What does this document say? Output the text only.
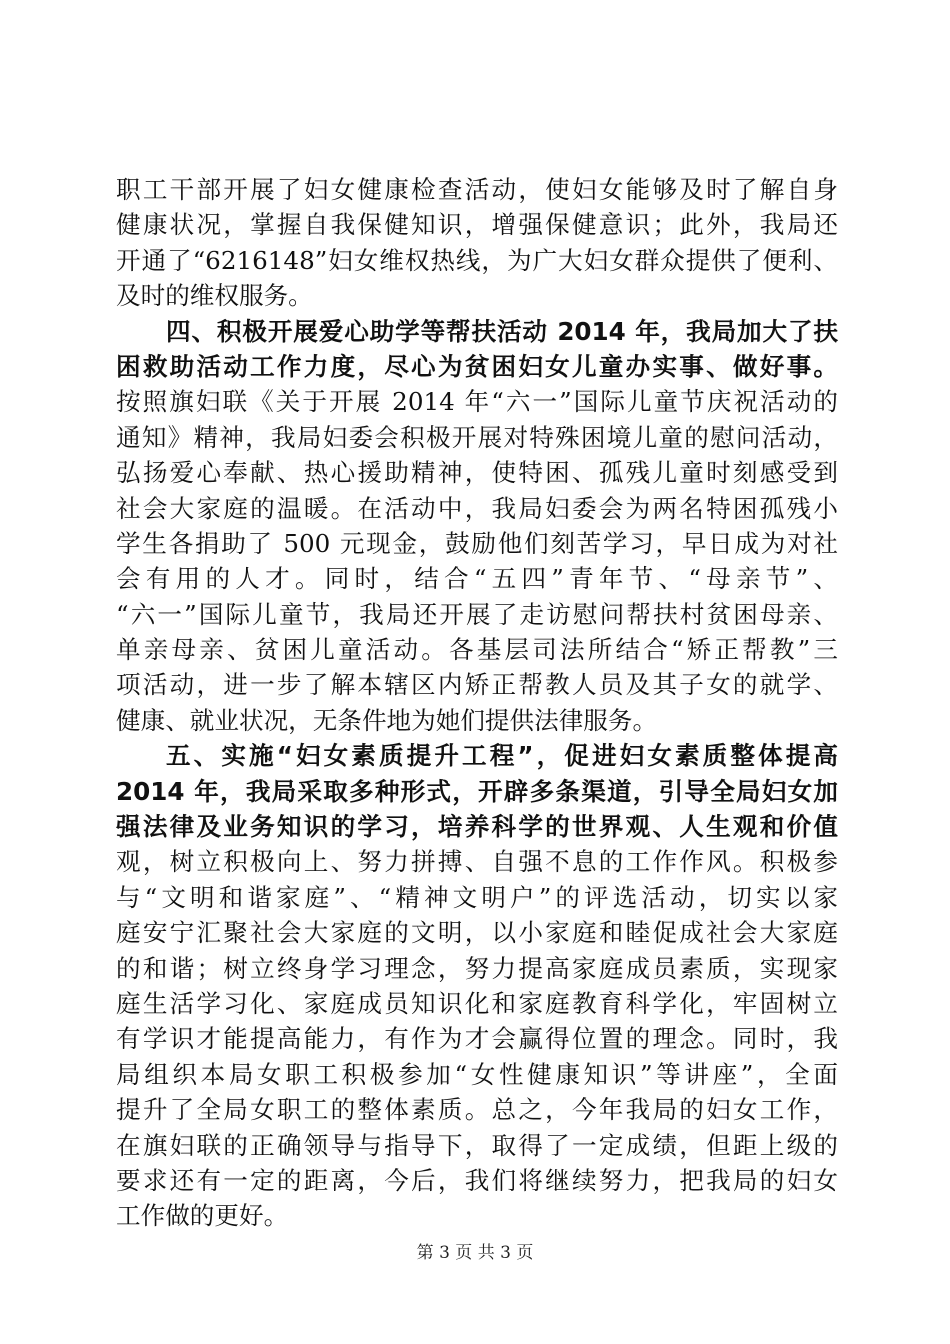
职工干部开展了妇女健康检查活动，使妇女能够及时了解自身
健康状况，掌握自我保健知识，增强保健意识；此外，我局还
开通了“6216148”妇女维权热线，为广大妇女群众提供了便利、
及时的维权服务。
四、积极开展爱心助学等帮扶活动 2014 年，我局加大了扶
困救助活动工作力度，尽心为贫困妇女儿童办实事、做好事。
按照旗妇联《关于开展 2014 年“六一”国际儿童节庆祝活动的
通知》精神，我局妇委会积极开展对特殊困境儿童的慰问活动，
弘扬爱心奉献、热心援助精神，使特困、孤残儿童时刻感受到
社会大家庭的温暖。在活动中，我局妇委会为两名特困孤残小
学生各捐助了 500 元现金，鼓励他们刻苦学习，早日成为对社
会有用的人才。同时，结合“五四”青年节、“母亲节”、
“六一”国际儿童节，我局还开展了走访慰问帮扶村贫困母亲、
单亲母亲、贫困儿童活动。各基层司法所结合“矫正帮教”三
项活动，进一步了解本辖区内矫正帮教人员及其子女的就学、
健康、就业状况，无条件地为她们提供法律服务。
五、实施“妇女素质提升工程”，促进妇女素质整体提高
2014 年，我局采取多种形式，开辟多条渠道，引导全局妇女加
强法律及业务知识的学习，培养科学的世界观、人生观和价值
观，树立积极向上、努力拼搏、自强不息的工作作风。积极参
与“文明和谐家庭”、“精神文明户”的评选活动，切实以家
庭安宁汇聚社会大家庭的文明，以小家庭和睦促成社会大家庭
的和谐；树立终身学习理念，努力提高家庭成员素质，实现家
庭生活学习化、家庭成员知识化和家庭教育科学化，牢固树立
有学识才能提高能力，有作为才会赢得位置的理念。同时，我
局组织本局女职工积极参加“女性健康知识”等讲座”，全面
提升了全局女职工的整体素质。总之，今年我局的妇女工作，
在旗妇联的正确领导与指导下，取得了一定成绩，但距上级的
要求还有一定的距离，今后，我们将继续努力，把我局的妇女
工作做的更好。
第 3 页 共 3 页
